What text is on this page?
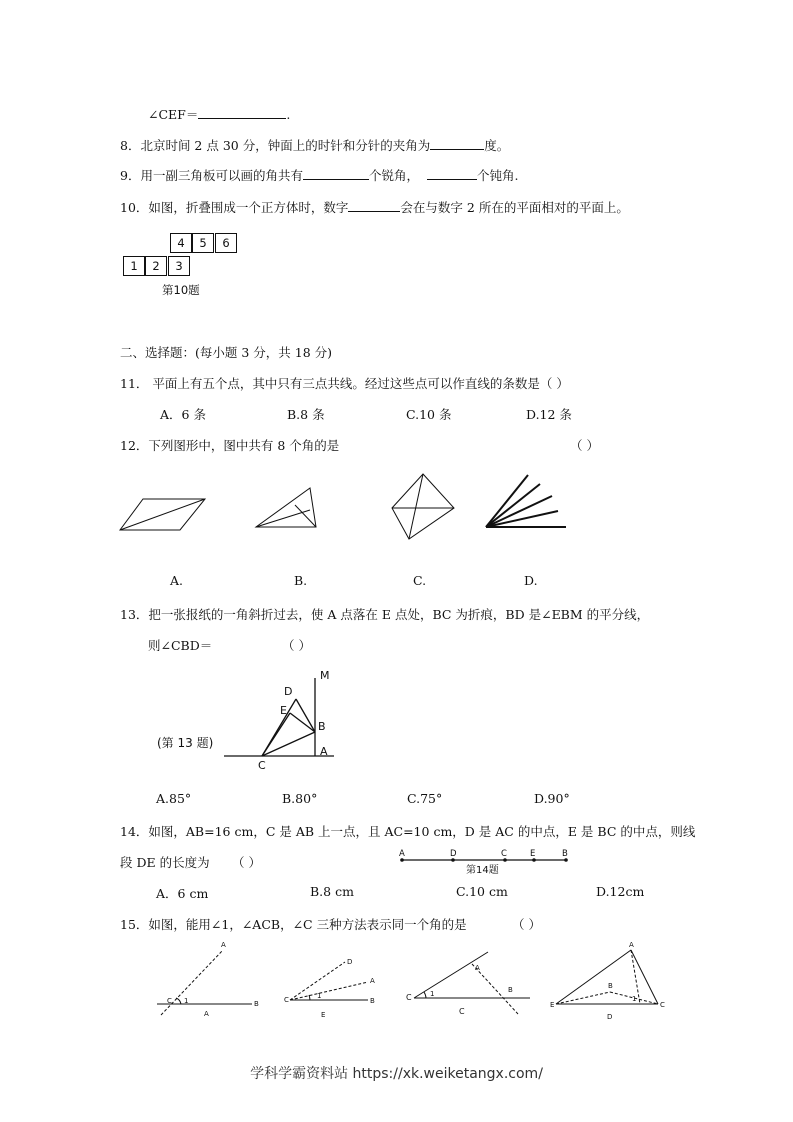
∠CEF＝	.
8．北京时间 2 点 30 分，钟面上的时针和分针的夹角为	度。
9．用一副三角板可以画的角共有	个锐角，	个钝角.
10．如图，折叠围成一个正方体时，数字	会在与数字 2 所在的平面相对的平面上。
1	2	3
4	5	6
第10题
二、选择题：(每小题 3 分，共 18 分)
11． 平面上有五个点，其中只有三点共线。经过这些点可以作直线的条数是（ ）
A．6 条	B.8 条	C.10 条	D.12 条
12．下列图形中，图中共有 8 个角的是	（ ）
A.	B.	C.	D.
13．把一张报纸的一角斜折过去，使 A 点落在 E 点处，BC 为折痕，BD 是∠EBM 的平分线，
则∠CBD＝	（ ）
M
D
E
B
A
C
(第 13 题)
A.85°	B.80°	C.75°	D.90°
14．如图，AB=16 cm，C 是 AB 上一点，且 AC=10 cm，D 是 AC 的中点，E 是 BC 的中点，则线
段 DE 的长度为 （ ）
A	D	C	E	B
第14题
A．6 cm	B.8 cm	C.10 cm	D.12cm
15．如图，能用∠1，∠ACB，∠C 三种方法表示同一个角的是	（ ）
A
C 1	B
A
D
A
C	1
B
E
A
C	1	B
C
A
B
E
1
C
D
学科学霸资料站 https://xk.weiketangx.com/
